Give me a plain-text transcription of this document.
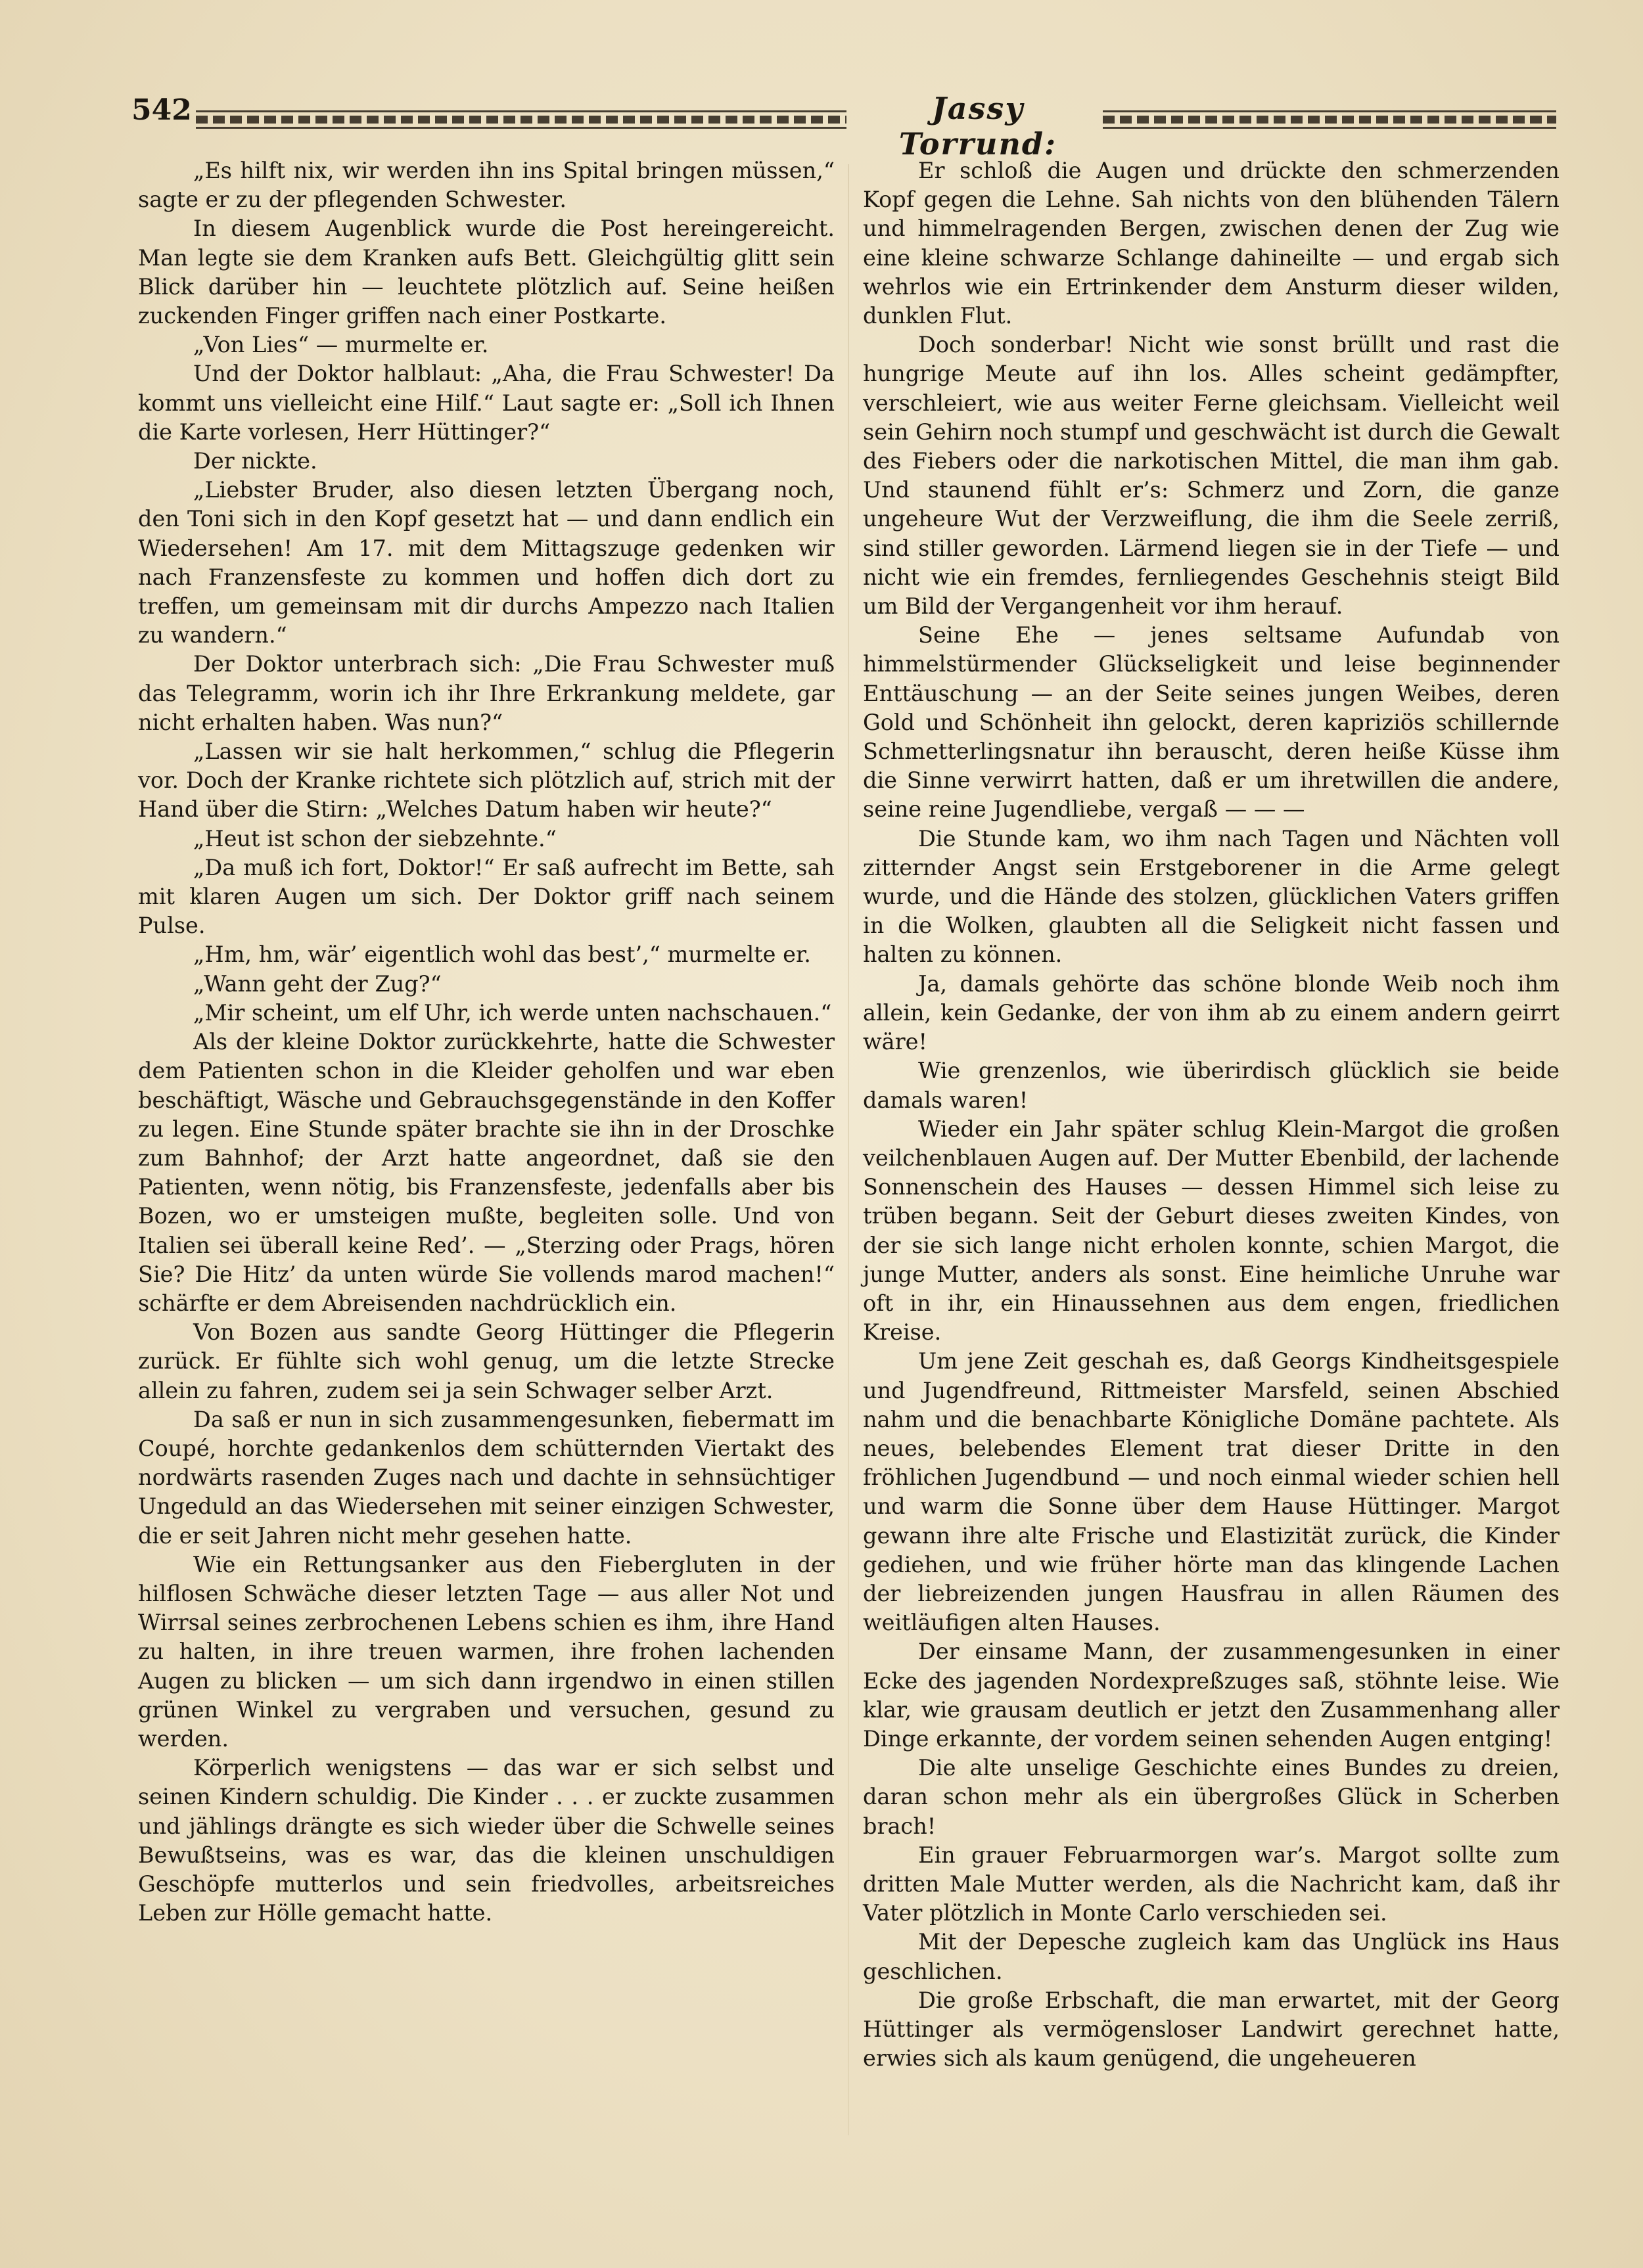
542	Jassy Torrund:

„Es hilft nix, wir werden ihn ins Spital bringen müssen,“ sagte er zu der pflegenden Schwester.

In diesem Augenblick wurde die Post hereingereicht. Man legte sie dem Kranken aufs Bett. Gleichgültig glitt sein Blick darüber hin — leuchtete plötzlich auf. Seine heißen zuckenden Finger griffen nach einer Postkarte.

„Von Lies“ — murmelte er.

Und der Doktor halblaut: „Aha, die Frau Schwester! Da kommt uns vielleicht eine Hilf.“ Laut sagte er: „Soll ich Ihnen die Karte vorlesen, Herr Hüttinger?“

Der nickte.

„Liebster Bruder, also diesen letzten Übergang noch, den Toni sich in den Kopf gesetzt hat — und dann endlich ein Wiedersehen! Am 17. mit dem Mittagszuge gedenken wir nach Franzensfeste zu kommen und hoffen dich dort zu treffen, um gemeinsam mit dir durchs Ampezzo nach Italien zu wandern.“

Der Doktor unterbrach sich: „Die Frau Schwester muß das Telegramm, worin ich ihr Ihre Erkrankung meldete, gar nicht erhalten haben. Was nun?“

„Lassen wir sie halt herkommen,“ schlug die Pflegerin vor. Doch der Kranke richtete sich plötzlich auf, strich mit der Hand über die Stirn: „Welches Datum haben wir heute?“

„Heut ist schon der siebzehnte.“

„Da muß ich fort, Doktor!“ Er saß aufrecht im Bette, sah mit klaren Augen um sich. Der Doktor griff nach seinem Pulse.

„Hm, hm, wär’ eigentlich wohl das best’,“ murmelte er.

„Wann geht der Zug?“

„Mir scheint, um elf Uhr, ich werde unten nachschauen.“

Als der kleine Doktor zurückkehrte, hatte die Schwester dem Patienten schon in die Kleider geholfen und war eben beschäftigt, Wäsche und Gebrauchsgegenstände in den Koffer zu legen. Eine Stunde später brachte sie ihn in der Droschke zum Bahnhof; der Arzt hatte angeordnet, daß sie den Patienten, wenn nötig, bis Franzensfeste, jedenfalls aber bis Bozen, wo er umsteigen mußte, begleiten solle. Und von Italien sei überall keine Red’. — „Sterzing oder Prags, hören Sie? Die Hitz’ da unten würde Sie vollends marod machen!“ schärfte er dem Abreisenden nachdrücklich ein.

Von Bozen aus sandte Georg Hüttinger die Pflegerin zurück. Er fühlte sich wohl genug, um die letzte Strecke allein zu fahren, zudem sei ja sein Schwager selber Arzt.

Da saß er nun in sich zusammengesunken, fiebermatt im Coupé, horchte gedankenlos dem schütternden Viertakt des nordwärts rasenden Zuges nach und dachte in sehnsüchtiger Ungeduld an das Wiedersehen mit seiner einzigen Schwester, die er seit Jahren nicht mehr gesehen hatte.

Wie ein Rettungsanker aus den Fiebergluten in der hilflosen Schwäche dieser letzten Tage — aus aller Not und Wirrsal seines zerbrochenen Lebens schien es ihm, ihre Hand zu halten, in ihre treuen warmen, ihre frohen lachenden Augen zu blicken — um sich dann irgendwo in einen stillen grünen Winkel zu vergraben und versuchen, gesund zu werden.

Körperlich wenigstens — das war er sich selbst und seinen Kindern schuldig. Die Kinder . . . er zuckte zusammen und jählings drängte es sich wieder über die Schwelle seines Bewußtseins, was es war, das die kleinen unschuldigen Geschöpfe mutterlos und sein friedvolles, arbeitsreiches Leben zur Hölle gemacht hatte.

Er schloß die Augen und drückte den schmerzenden Kopf gegen die Lehne. Sah nichts von den blühenden Tälern und himmelragenden Bergen, zwischen denen der Zug wie eine kleine schwarze Schlange dahineilte — und ergab sich wehrlos wie ein Ertrinkender dem Ansturm dieser wilden, dunklen Flut.

Doch sonderbar! Nicht wie sonst brüllt und rast die hungrige Meute auf ihn los. Alles scheint gedämpfter, verschleiert, wie aus weiter Ferne gleichsam. Vielleicht weil sein Gehirn noch stumpf und geschwächt ist durch die Gewalt des Fiebers oder die narkotischen Mittel, die man ihm gab. Und staunend fühlt er’s: Schmerz und Zorn, die ganze ungeheure Wut der Verzweiflung, die ihm die Seele zerriß, sind stiller geworden. Lärmend liegen sie in der Tiefe — und nicht wie ein fremdes, fernliegendes Geschehnis steigt Bild um Bild der Vergangenheit vor ihm herauf.

Seine Ehe — jenes seltsame Aufundab von himmelstürmender Glückseligkeit und leise beginnender Enttäuschung — an der Seite seines jungen Weibes, deren Gold und Schönheit ihn gelockt, deren kapriziös schillernde Schmetterlingsnatur ihn berauscht, deren heiße Küsse ihm die Sinne verwirrt hatten, daß er um ihretwillen die andere, seine reine Jugendliebe, vergaß — — —

Die Stunde kam, wo ihm nach Tagen und Nächten voll zitternder Angst sein Erstgeborener in die Arme gelegt wurde, und die Hände des stolzen, glücklichen Vaters griffen in die Wolken, glaubten all die Seligkeit nicht fassen und halten zu können.

Ja, damals gehörte das schöne blonde Weib noch ihm allein, kein Gedanke, der von ihm ab zu einem andern geirrt wäre!

Wie grenzenlos, wie überirdisch glücklich sie beide damals waren!

Wieder ein Jahr später schlug Klein-Margot die großen veilchenblauen Augen auf. Der Mutter Ebenbild, der lachende Sonnenschein des Hauses — dessen Himmel sich leise zu trüben begann. Seit der Geburt dieses zweiten Kindes, von der sie sich lange nicht erholen konnte, schien Margot, die junge Mutter, anders als sonst. Eine heimliche Unruhe war oft in ihr, ein Hinaussehnen aus dem engen, friedlichen Kreise.

Um jene Zeit geschah es, daß Georgs Kindheitsgespiele und Jugendfreund, Rittmeister Marsfeld, seinen Abschied nahm und die benachbarte Königliche Domäne pachtete. Als neues, belebendes Element trat dieser Dritte in den fröhlichen Jugendbund — und noch einmal wieder schien hell und warm die Sonne über dem Hause Hüttinger. Margot gewann ihre alte Frische und Elastizität zurück, die Kinder gediehen, und wie früher hörte man das klingende Lachen der liebreizenden jungen Hausfrau in allen Räumen des weitläufigen alten Hauses.

Der einsame Mann, der zusammengesunken in einer Ecke des jagenden Nordexpreßzuges saß, stöhnte leise. Wie klar, wie grausam deutlich er jetzt den Zusammenhang aller Dinge erkannte, der vordem seinen sehenden Augen entging!

Die alte unselige Geschichte eines Bundes zu dreien, daran schon mehr als ein übergroßes Glück in Scherben brach!

Ein grauer Februarmorgen war’s. Margot sollte zum dritten Male Mutter werden, als die Nachricht kam, daß ihr Vater plötzlich in Monte Carlo verschieden sei.

Mit der Depesche zugleich kam das Unglück ins Haus geschlichen.

Die große Erbschaft, die man erwartet, mit der Georg Hüttinger als vermögensloser Landwirt gerechnet hatte, erwies sich als kaum genügend, die ungeheueren
